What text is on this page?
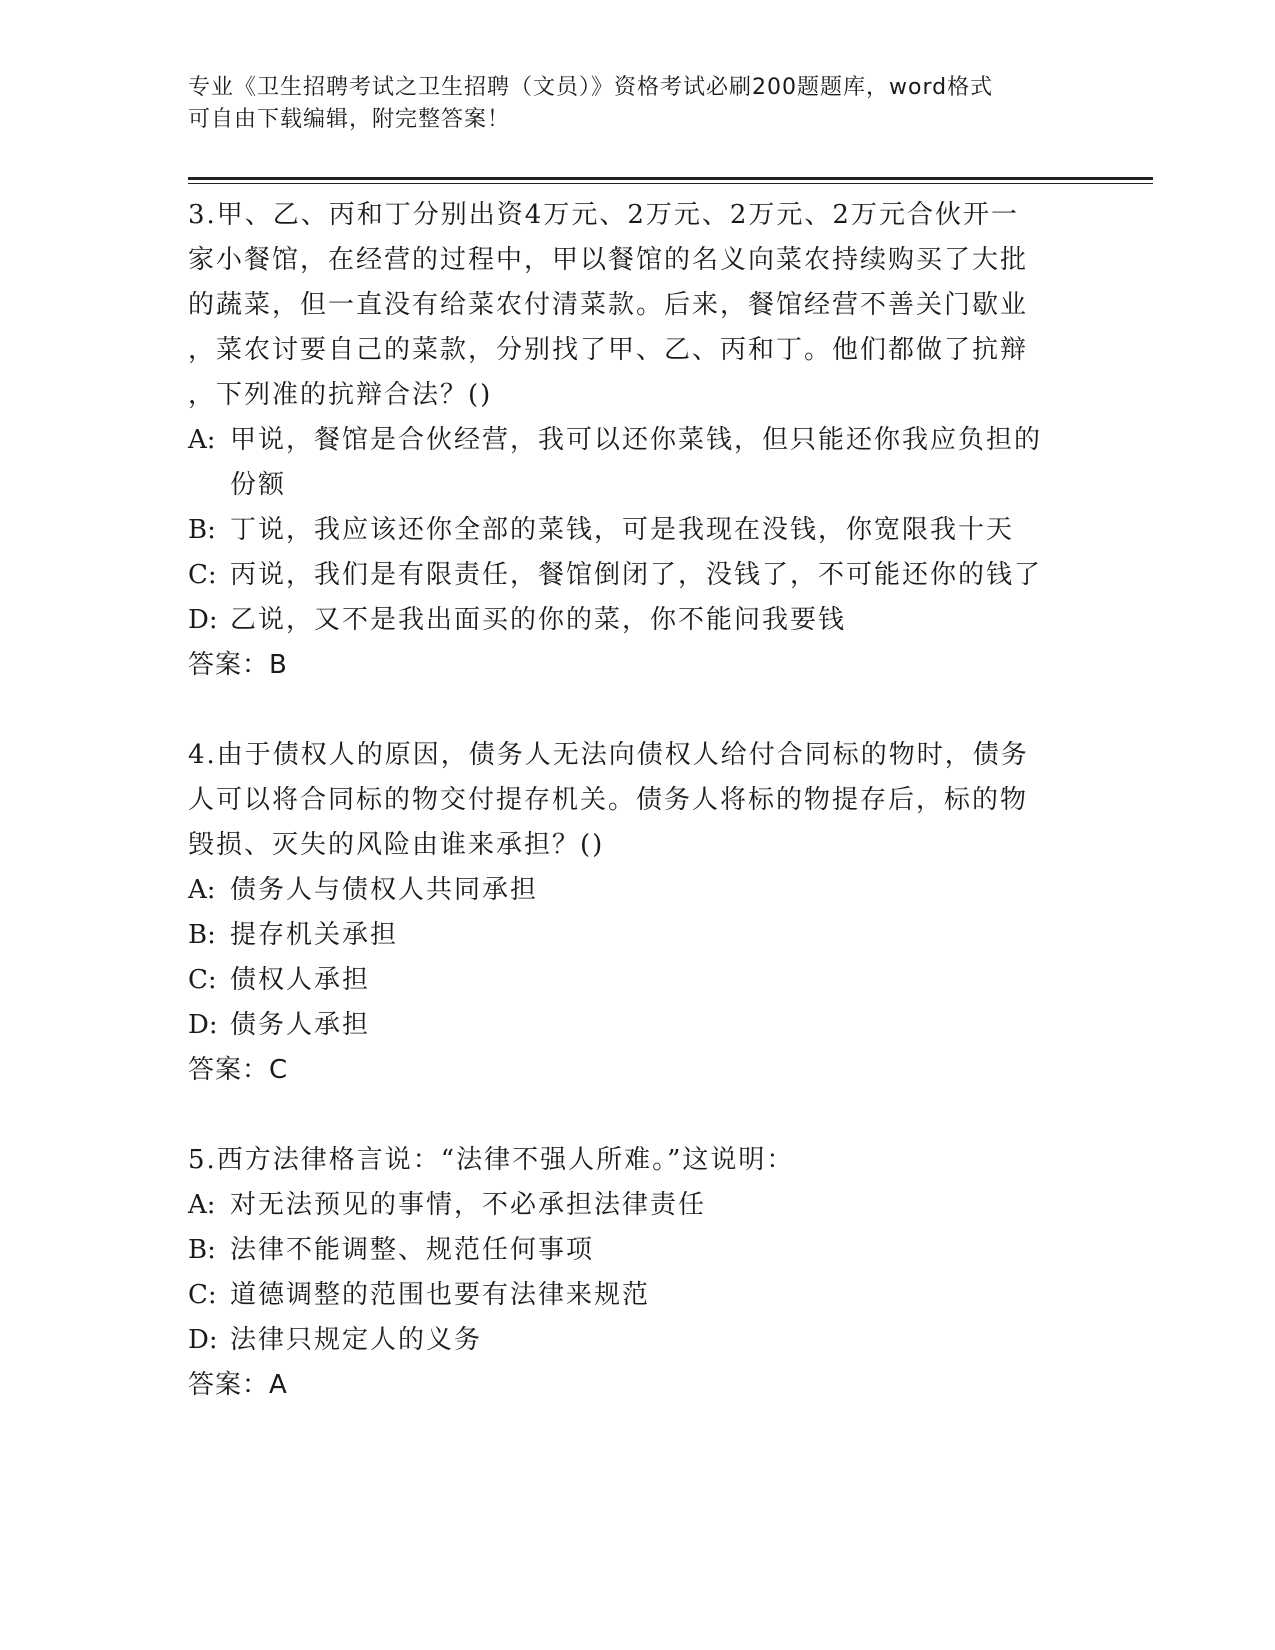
专业《卫生招聘考试之卫生招聘（文员）》资格考试必刷200题题库，word格式
可自由下载编辑，附完整答案！

3.甲、乙、丙和丁分别出资4万元、2万元、2万元、2万元合伙开一

家小餐馆，在经营的过程中，甲以餐馆的名义向菜农持续购买了大批

的蔬菜，但一直没有给菜农付清菜款。后来，餐馆经营不善关门歇业

，菜农讨要自己的菜款，分别找了甲、乙、丙和丁。他们都做了抗辩

，下列准的抗辩合法？()

A: 甲说，餐馆是合伙经营，我可以还你菜钱，但只能还你我应负担的份额
B: 丁说，我应该还你全部的菜钱，可是我现在没钱，你宽限我十天
C: 丙说，我们是有限责任，餐馆倒闭了，没钱了，不可能还你的钱了
D: 乙说，又不是我出面买的你的菜，你不能问我要钱

答案：B

4.由于债权人的原因，债务人无法向债权人给付合同标的物时，债务

人可以将合同标的物交付提存机关。债务人将标的物提存后，标的物

毁损、灭失的风险由谁来承担？()

A: 债务人与债权人共同承担
B: 提存机关承担
C: 债权人承担
D: 债务人承担

答案：C

5.西方法律格言说：“法律不强人所难。”这说明：

A: 对无法预见的事情，不必承担法律责任
B: 法律不能调整、规范任何事项
C: 道德调整的范围也要有法律来规范
D: 法律只规定人的义务

答案：A
